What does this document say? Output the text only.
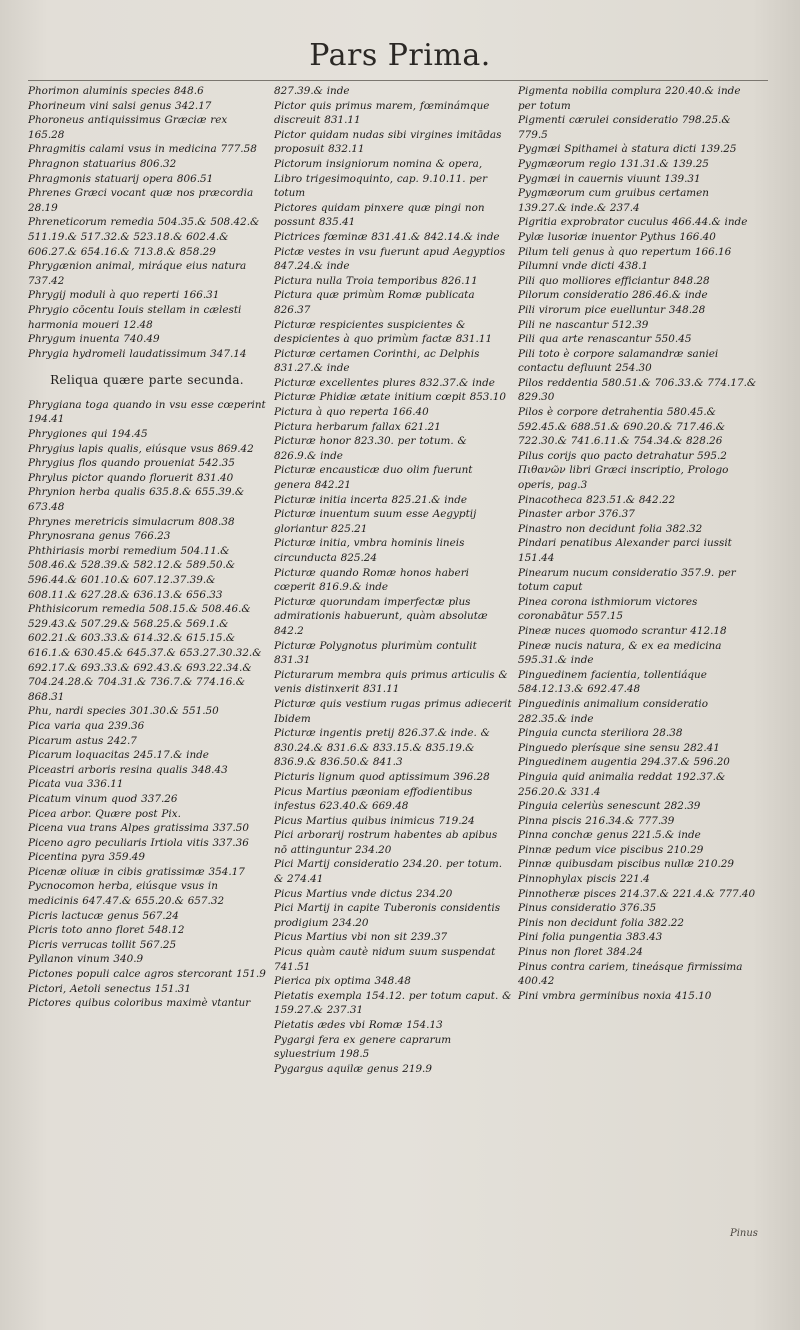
Pars Prima.

Phorimon aluminis species 848.6

Phorineum vini salsi genus 342.17

Phoroneus antiquissimus Græciæ rex 165.28

Phragmitis calami vsus in medicina 777.58

Phragnon statuarius 806.32

Phragmonis statuarij opera 806.51

Phrenes Græci vocant quæ nos præcordia 28.19

Phreneticorum remedia 504.35.& 508.42.& 511.19.& 517.32.& 523.18.& 602.4.& 606.27.& 654.16.& 713.8.& 858.29

Phrygænion animal, miráque eius natura 737.42

Phrygij moduli à quo reperti 166.31

Phrygio cōcentu Iouis stellam in cælesti harmonia moueri 12.48

Phrygum inuenta 740.49

Phrygia hydromeli laudatissimum 347.14

Reliqua quære parte secunda.

Phrygiana toga quando in vsu esse cœperint 194.41

Phrygiones qui 194.45

Phrygius lapis qualis, eiúsque vsus 869.42

Phrygius flos quando proueniat 542.35

Phrylus pictor quando floruerit 831.40

Phrynion herba qualis 635.8.& 655.39.& 673.48

Phrynes meretricis simulacrum 808.38

Phrynosrana genus 766.23

Phthiriasis morbi remedium 504.11.& 508.46.& 528.39.& 582.12.& 589.50.& 596.44.& 601.10.& 607.12.37.39.& 608.11.& 627.28.& 636.13.& 656.33

Phthisicorum remedia 508.15.& 508.46.& 529.43.& 507.29.& 568.25.& 569.1.& 602.21.& 603.33.& 614.32.& 615.15.& 616.1.& 630.45.& 645.37.& 653.27.30.32.& 692.17.& 693.33.& 692.43.& 693.22.34.& 704.24.28.& 704.31.& 736.7.& 774.16.& 868.31

Phu, nardi species 301.30.& 551.50

Pica varia qua 239.36

Picarum astus 242.7

Picarum loquacitas 245.17.& inde

Piceastri arboris resina qualis 348.43

Picata vua 336.11

Picatum vinum quod 337.26

Picea arbor. Quære post Pix.

Picena vua trans Alpes gratissima 337.50

Piceno agro peculiaris Irtiola vitis 337.36

Picentina pyra 359.49

Picenæ oliuæ in cibis gratissimæ 354.17

Pycnocomon herba, eiúsque vsus in medicinis 647.47.& 655.20.& 657.32

Picris lactucæ genus 567.24

Picris toto anno floret 548.12

Picris verrucas tollit 567.25

Pyllanon vinum 340.9

Pictones populi calce agros stercorant 151.9

Pictori, Aetoli senectus 151.31

Pictores quibus coloribus maximè vtantur

827.39.& inde

Pictor quis primus marem, fœminámque discreuit 831.11

Pictor quidam nudas sibi virgines imitādas proposuit 832.11

Pictorum insigniorum nomina & opera, Libro trigesimoquinto, cap. 9.10.11. per totum

Pictores quidam pinxere quæ pingi non possunt 835.41

Pictrices fœminæ 831.41.& 842.14.& inde

Pictæ vestes in vsu fuerunt apud Aegyptios 847.24.& inde

Pictura nulla Troia temporibus 826.11

Pictura quæ primùm Romæ publicata 826.37

Picturæ respicientes suspicientes & despicientes à quo primùm factæ 831.11

Picturæ certamen Corinthi, ac Delphis 831.27.& inde

Picturæ excellentes plures 832.37.& inde

Picturæ Phidiæ ætate initium cœpit 853.10

Pictura à quo reperta 166.40

Pictura herbarum fallax 621.21

Picturæ honor 823.30. per totum. & 826.9.& inde

Picturæ encausticæ duo olim fuerunt genera 842.21

Picturæ initia incerta 825.21.& inde

Picturæ inuentum suum esse Aegyptij gloriantur 825.21

Picturæ initia, vmbra hominis lineis circunducta 825.24

Picturæ quando Romæ honos haberi cœperit 816.9.& inde

Picturæ quorundam imperfectæ plus admirationis habuerunt, quàm absolutæ 842.2

Picturæ Polygnotus plurimùm contulit 831.31

Picturarum membra quis primus articulis & venis distinxerit 831.11

Picturæ quis vestium rugas primus adiecerit Ibidem

Picturæ ingentis pretij 826.37.& inde. & 830.24.& 831.6.& 833.15.& 835.19.& 836.9.& 836.50.& 841.3

Picturis lignum quod aptissimum 396.28

Picus Martius pæoniam effodientibus infestus 623.40.& 669.48

Picus Martius quibus inimicus 719.24

Pici arborarij rostrum habentes ab apibus nō attinguntur 234.20

Pici Martij consideratio 234.20. per totum. & 274.41

Picus Martius vnde dictus 234.20

Pici Martij in capite Tuberonis considentis prodigium 234.20

Picus Martius vbi non sit 239.37

Picus quàm cautè nidum suum suspendat 741.51

Pierica pix optima 348.48

Pietatis exempla 154.12. per totum caput. & 159.27.& 237.31

Pietatis ædes vbi Romæ 154.13

Pygargi fera ex genere caprarum syluestrium 198.5

Pygargus aquilæ genus 219.9

Pigmenta nobilia complura 220.40.& inde per totum

Pigmenti cærulei consideratio 798.25.& 779.5

Pygmæi Spithamei à statura dicti 139.25

Pygmæorum regio 131.31.& 139.25

Pygmæi in cauernis viuunt 139.31

Pygmæorum cum gruibus certamen 139.27.& inde.& 237.4

Pigritia exprobrator cuculus 466.44.& inde

Pylæ lusoriæ inuentor Pythus 166.40

Pilum teli genus à quo repertum 166.16

Pilumni vnde dicti 438.1

Pili quo molliores efficiantur 848.28

Pilorum consideratio 286.46.& inde

Pili virorum pice euelluntur 348.28

Pili ne nascantur 512.39

Pili qua arte renascantur 550.45

Pili toto è corpore salamandræ saniei contactu defluunt 254.30

Pilos reddentia 580.51.& 706.33.& 774.17.& 829.30

Pilos è corpore detrahentia 580.45.& 592.45.& 688.51.& 690.20.& 717.46.& 722.30.& 741.6.11.& 754.34.& 828.26

Pilus corijs quo pacto detrahatur 595.2

Πιθανῶν libri Græci inscriptio, Prologo operis, pag.3

Pinacotheca 823.51.& 842.22

Pinaster arbor 376.37

Pinastro non decidunt folia 382.32

Pindari penatibus Alexander parci iussit 151.44

Pinearum nucum consideratio 357.9. per totum caput

Pinea corona isthmiorum victores coronabātur 557.15

Pineæ nuces quomodo scrantur 412.18

Pineæ nucis natura, & ex ea medicina 595.31.& inde

Pinguedinem facientia, tollentiáque 584.12.13.& 692.47.48

Pinguedinis animalium consideratio 282.35.& inde

Pinguia cuncta steriliora 28.38

Pinguedo plerísque sine sensu 282.41

Pinguedinem augentia 294.37.& 596.20

Pinguia quid animalia reddat 192.37.& 256.20.& 331.4

Pinguia celeriùs senescunt 282.39

Pinna piscis 216.34.& 777.39

Pinna conchæ genus 221.5.& inde

Pinnæ pedum vice piscibus 210.29

Pinnæ quibusdam piscibus nullæ 210.29

Pinnophylax piscis 221.4

Pinnotheræ pisces 214.37.& 221.4.& 777.40

Pinus consideratio 376.35

Pinis non decidunt folia 382.22

Pini folia pungentia 383.43

Pinus non floret 384.24

Pinus contra cariem, tineásque firmissima 400.42

Pini vmbra germinibus noxia 415.10

Pinus
